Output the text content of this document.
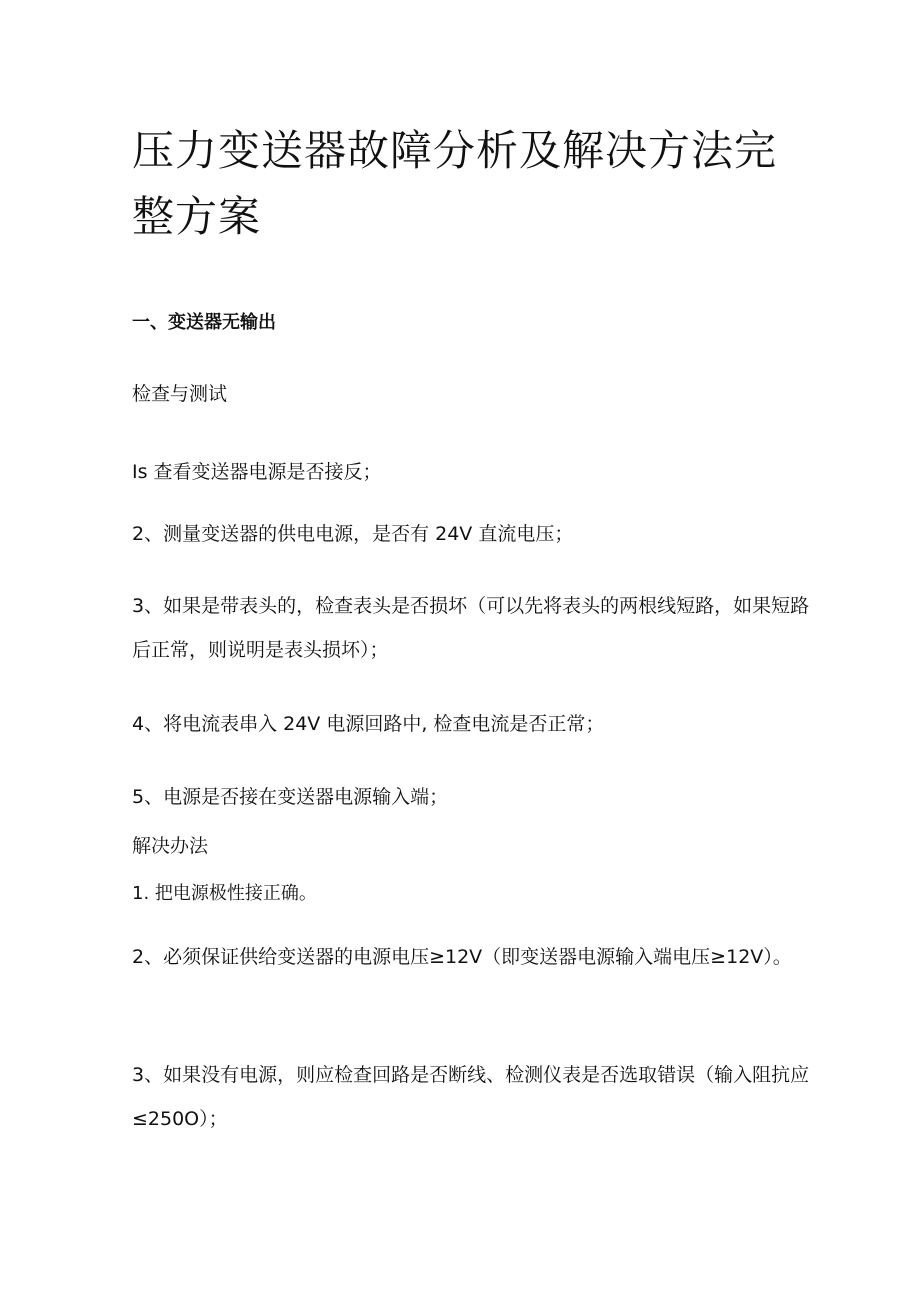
压力变送器故障分析及解决方法完整方案

一、变送器无输出

检查与测试

Is 查看变送器电源是否接反；

2、测量变送器的供电电源，是否有 24V 直流电压；

3、如果是带表头的，检查表头是否损坏（可以先将表头的两根线短路，如果短路后正常，则说明是表头损坏）；

4、将电流表串入 24V 电源回路中, 检查电流是否正常；

5、电源是否接在变送器电源输入端；

解决办法

1. 把电源极性接正确。

2、必须保证供给变送器的电源电压≥12V（即变送器电源输入端电压≥12V）。

3、如果没有电源，则应检查回路是否断线、检测仪表是否选取错误（输入阻抗应≤250O）；
